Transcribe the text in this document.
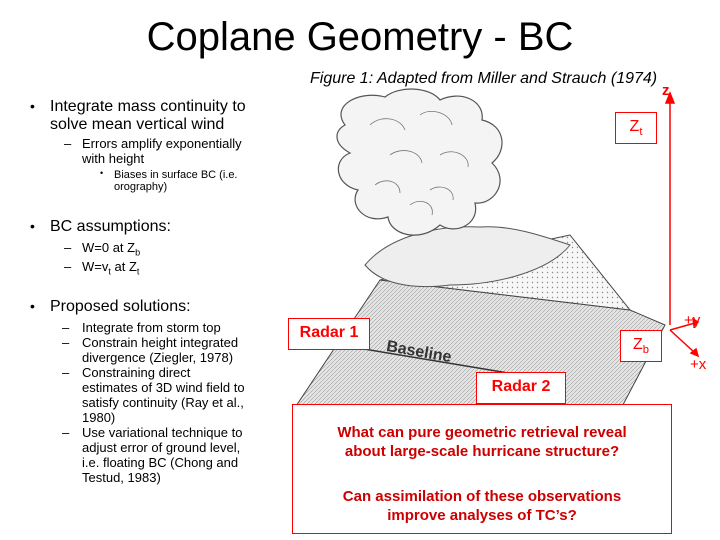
Coplane Geometry - BC
Figure 1: Adapted from Miller and Strauch (1974)
• Integrate mass continuity to
solve mean vertical wind
– Errors amplify exponentially
with height
• Biases in surface BC (i.e.
orography)
• BC assumptions:
– W=0 at $Z_b$
– $W=v_t$ at $Z_t$
• Proposed solutions:
– Integrate from storm top
– Constrain height integrated
divergence (Ziegler, 1978)
– Constraining direct
estimates of 3D wind field to
satisfy continuity (Ray et al.,
1980)
– Use variational technique to
adjust error of ground level,
i.e. floating BC (Chong and
Testud, 1983)
z
$Z_t$
$Z_b$
Radar 1
Radar 2
Baseline
+y
+x
What can pure geometric retrieval reveal
about large-scale hurricane structure?
Can assimilation of these observations
improve analyses of TC’s?
